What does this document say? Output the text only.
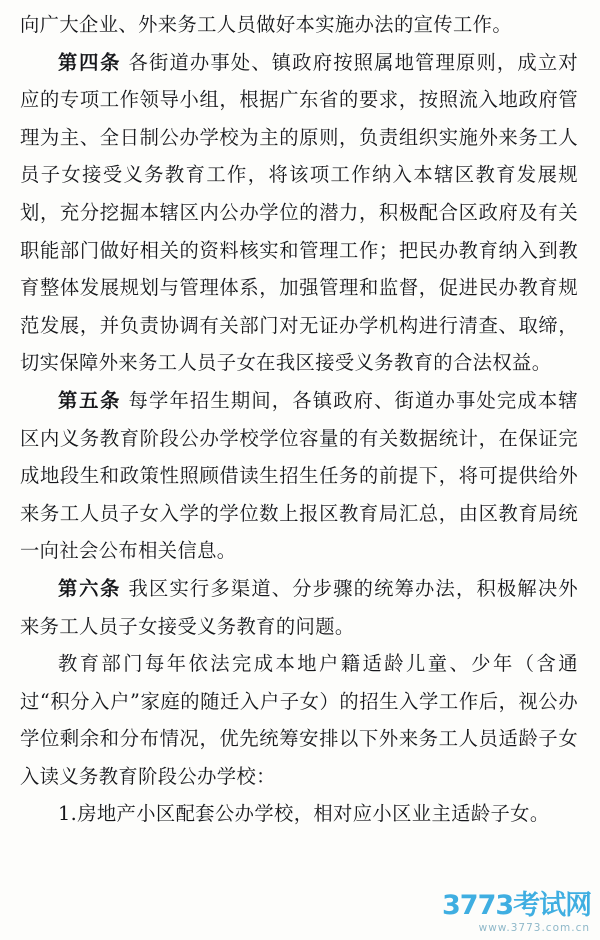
向广大企业、外来务工人员做好本实施办法的宣传工作。

第四条 各街道办事处、镇政府按照属地管理原则，成立对应的专项工作领导小组，根据广东省的要求，按照流入地政府管理为主、全日制公办学校为主的原则，负责组织实施外来务工人员子女接受义务教育工作，将该项工作纳入本辖区教育发展规划，充分挖掘本辖区内公办学位的潜力，积极配合区政府及有关职能部门做好相关的资料核实和管理工作；把民办教育纳入到教育整体发展规划与管理体系，加强管理和监督，促进民办教育规范发展，并负责协调有关部门对无证办学机构进行清查、取缔，切实保障外来务工人员子女在我区接受义务教育的合法权益。

第五条 每学年招生期间，各镇政府、街道办事处完成本辖区内义务教育阶段公办学校学位容量的有关数据统计，在保证完成地段生和政策性照顾借读生招生任务的前提下，将可提供给外来务工人员子女入学的学位数上报区教育局汇总，由区教育局统一向社会公布相关信息。

第六条 我区实行多渠道、分步骤的统筹办法，积极解决外来务工人员子女接受义务教育的问题。

教育部门每年依法完成本地户籍适龄儿童、少年（含通过“积分入户”家庭的随迁入户子女）的招生入学工作后，视公办学位剩余和分布情况，优先统筹安排以下外来务工人员适龄子女入读义务教育阶段公办学校：

1.房地产小区配套公办学校，相对应小区业主适龄子女。

3773考试网
www.3773.com.cn
